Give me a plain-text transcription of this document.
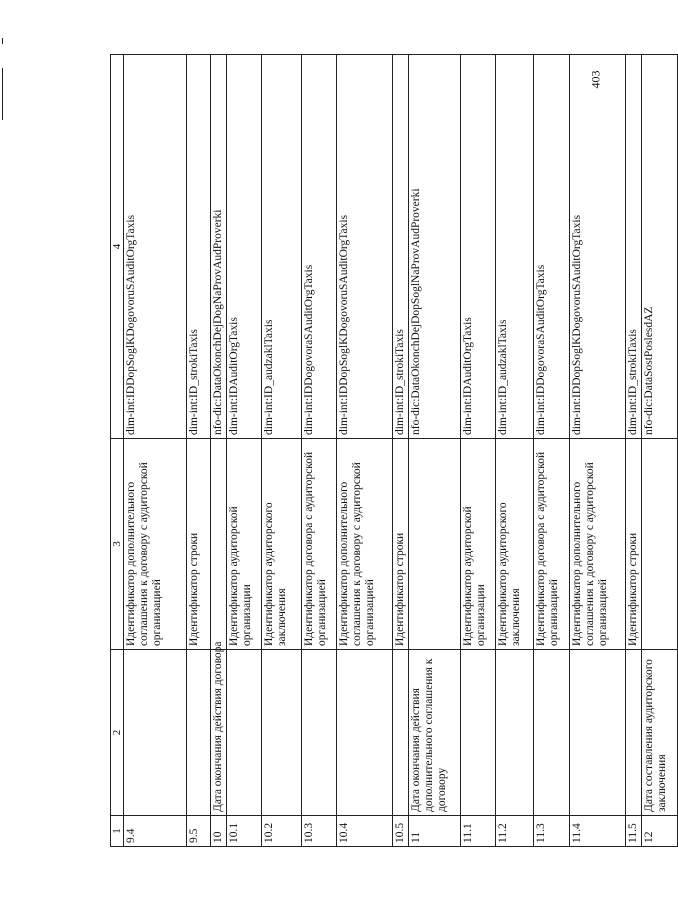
403
1	2	3	4
9.4		Идентификатор дополнительного соглашения к договору с аудиторской организацией	dim-int:IDDopSoglKDogovoruSAuditOrgTaxis
9.5		Идентификатор строки	dim-int:ID_strokiTaxis
10	Дата окончания действия договора		nfo-dic:DataOkonchDejDogNaProvAudProverki
10.1		Идентификатор аудиторской организации	dim-int:IDAuditOrgTaxis
10.2		Идентификатор аудиторского заключения	dim-int:ID_audzaklTaxis
10.3		Идентификатор договора с аудиторской организацией	dim-int:IDDogovoraSAuditOrgTaxis
10.4		Идентификатор дополнительного соглашения к договору с аудиторской организацией	dim-int:IDDopSoglKDogovoruSAuditOrgTaxis
10.5		Идентификатор строки	dim-int:ID_strokiTaxis
11	Дата окончания действия дополнительного соглашения к договору		nfo-dic:DataOkonchDejDopSoglNaProvAudProverki
11.1		Идентификатор аудиторской организации	dim-int:IDAuditOrgTaxis
11.2		Идентификатор аудиторского заключения	dim-int:ID_audzaklTaxis
11.3		Идентификатор договора с аудиторской организацией	dim-int:IDDogovoraSAuditOrgTaxis
11.4		Идентификатор дополнительного соглашения к договору с аудиторской организацией	dim-int:IDDopSoglKDogovoruSAuditOrgTaxis
11.5		Идентификатор строки	dim-int:ID_strokiTaxis
12	Дата составления аудиторского заключения		nfo-dic:DataSostPoslesdAZ
